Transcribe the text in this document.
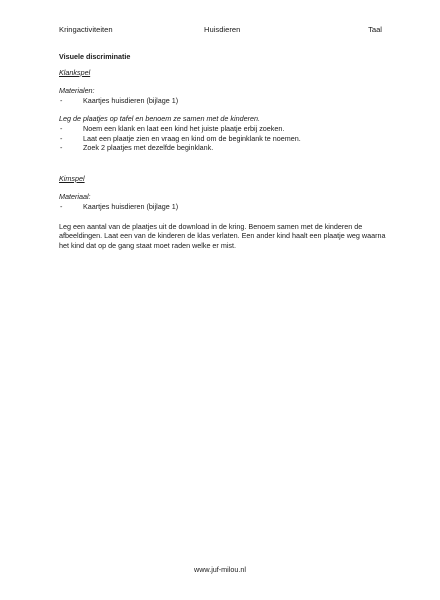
Kringactiviteiten	Huisdieren	Taal

Visuele discriminatie

Klankspel
Materialen:
-	Kaartjes huisdieren (bijlage 1)
Leg de plaatjes op tafel en benoem ze samen met de kinderen.
-	Noem een klank en laat een kind het juiste plaatje erbij zoeken.
-	Laat een plaatje zien en vraag en kind om de beginklank te noemen.
-	Zoek 2 plaatjes met dezelfde beginklank.
Kimspel
Materiaal:
-	Kaartjes huisdieren (bijlage 1)

Leg een aantal van de plaatjes uit de download in de kring. Benoem samen met de kinderen de afbeeldingen. Laat een van de kinderen de klas verlaten. Een ander kind haalt een plaatje weg waarna het kind dat op de gang staat moet raden welke er mist.

www.juf-milou.nl
